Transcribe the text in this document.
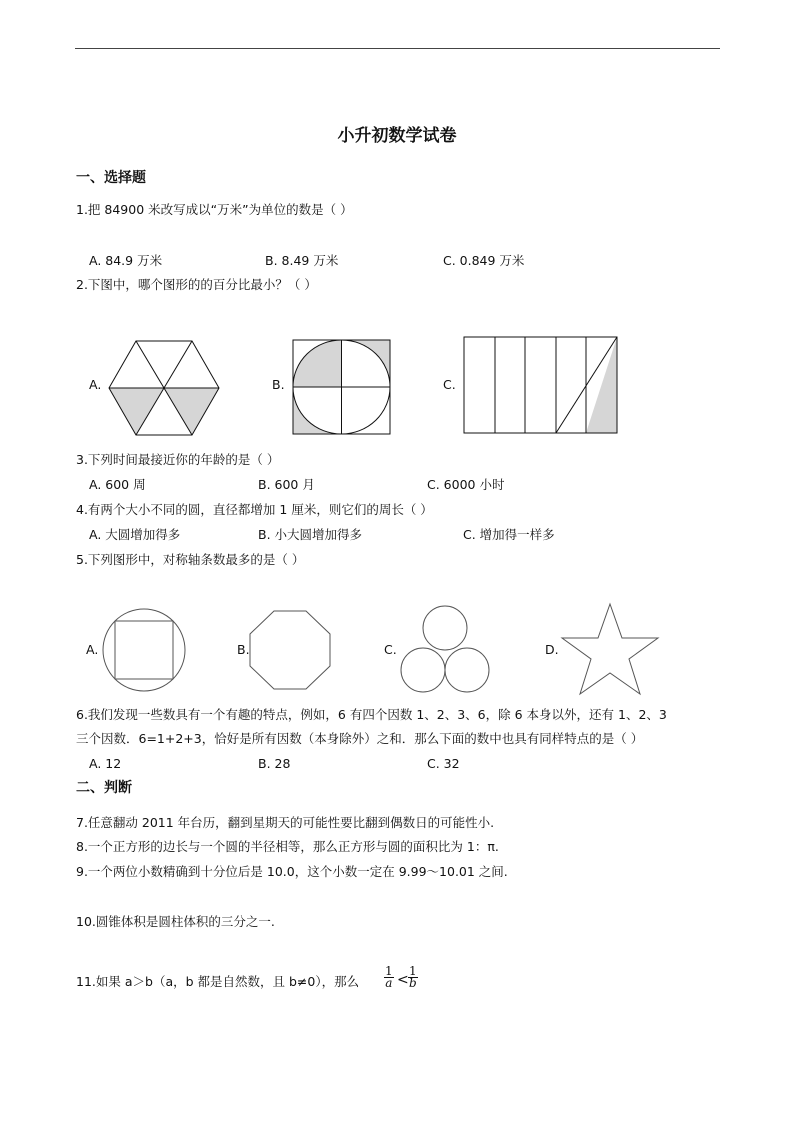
小升初数学试卷
一、选择题
1.把 84900 米改写成以“万米”为单位的数是（ ）
A. 84.9 万米	B. 8.49 万米	C. 0.849 万米
2.下图中，哪个图形的的百分比最小？（ ）
A.	B.	C.
3.下列时间最接近你的年龄的是（ ）
A. 600 周	B. 600 月	C. 6000 小时
4.有两个大小不同的圆，直径都增加 1 厘米，则它们的周长（ ）
A. 大圆增加得多	B. 小大圆增加得多	C. 增加得一样多
5.下列图形中，对称轴条数最多的是（ ）
A.	B.	C.	D.
6.我们发现一些数具有一个有趣的特点，例如，6 有四个因数 1、2、3、6，除 6 本身以外，还有 1、2、3
三个因数．6=1+2+3，恰好是所有因数（本身除外）之和．那么下面的数中也具有同样特点的是（ ）
A. 12	B. 28	C. 32
二、判断
7.任意翻动 2011 年台历，翻到星期天的可能性要比翻到偶数日的可能性小.
8.一个正方形的边长与一个圆的半径相等，那么正方形与圆的面积比为 1：π.
9.一个两位小数精确到十分位后是 10.0，这个小数一定在 9.99～10.01 之间.
10.圆锥体积是圆柱体积的三分之一.
11.如果 a＞b（a，b 都是自然数，且 b≠0），那么 $\frac{1}{a} < \frac{1}{b}$
